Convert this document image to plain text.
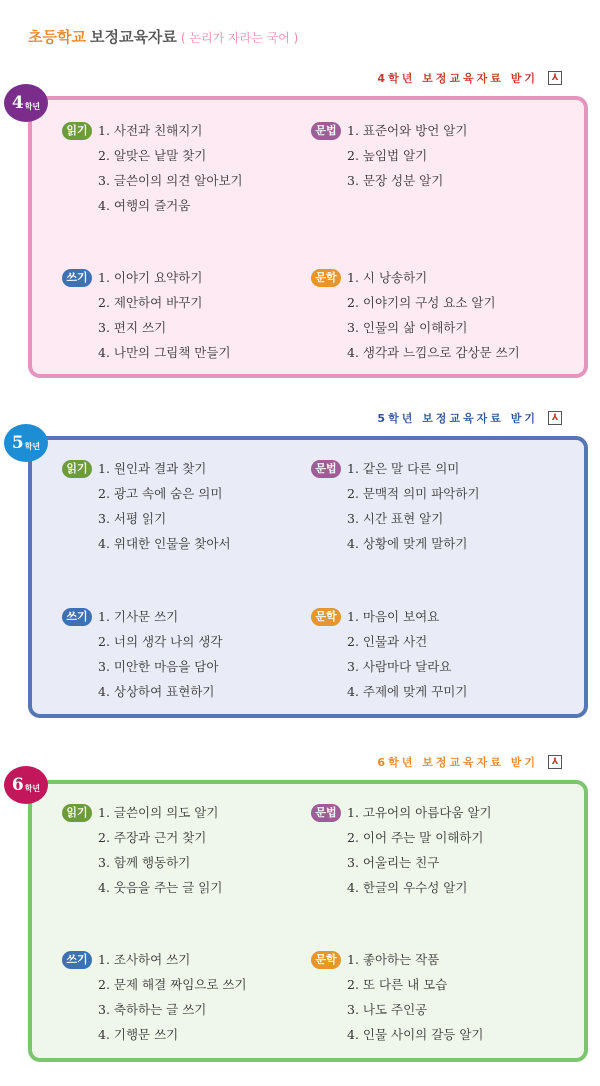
초등학교 보정교육자료 ( 논리가 자라는 국어 )
4학년 보정교육자료 받기	⅄
읽기 1. 사전과 친해지기
2. 알맞은 낱말 찾기
3. 글쓴이의 의견 알아보기
4. 여행의 즐거움
문법 1. 표준어와 방언 알기
2. 높임법 알기
3. 문장 성분 알기
쓰기 1. 이야기 요약하기
2. 제안하여 바꾸기
3. 편지 쓰기
4. 나만의 그림책 만들기
문학 1. 시 낭송하기
2. 이야기의 구성 요소 알기
3. 인물의 삶 이해하기
4. 생각과 느낌으로 감상문 쓰기
4 학년
5학년 보정교육자료 받기	⅄
읽기 1. 원인과 결과 찾기
2. 광고 속에 숨은 의미
3. 서평 읽기
4. 위대한 인물을 찾아서
문법 1. 같은 말 다른 의미
2. 문맥적 의미 파악하기
3. 시간 표현 알기
4. 상황에 맞게 말하기
쓰기 1. 기사문 쓰기
2. 너의 생각 나의 생각
3. 미안한 마음을 담아
4. 상상하여 표현하기
문학 1. 마음이 보여요
2. 인물과 사건
3. 사람마다 달라요
4. 주제에 맞게 꾸미기
5 학년
6학년 보정교육자료 받기	⅄
읽기 1. 글쓴이의 의도 알기
2. 주장과 근거 찾기
3. 함께 행동하기
4. 웃음을 주는 글 읽기
문법 1. 고유어의 아름다움 알기
2. 이어 주는 말 이해하기
3. 어울리는 친구
4. 한글의 우수성 알기
쓰기 1. 조사하여 쓰기
2. 문제 해결 짜임으로 쓰기
3. 축하하는 글 쓰기
4. 기행문 쓰기
문학 1. 좋아하는 작품
2. 또 다른 내 모습
3. 나도 주인공
4. 인물 사이의 갈등 알기
6 학년
